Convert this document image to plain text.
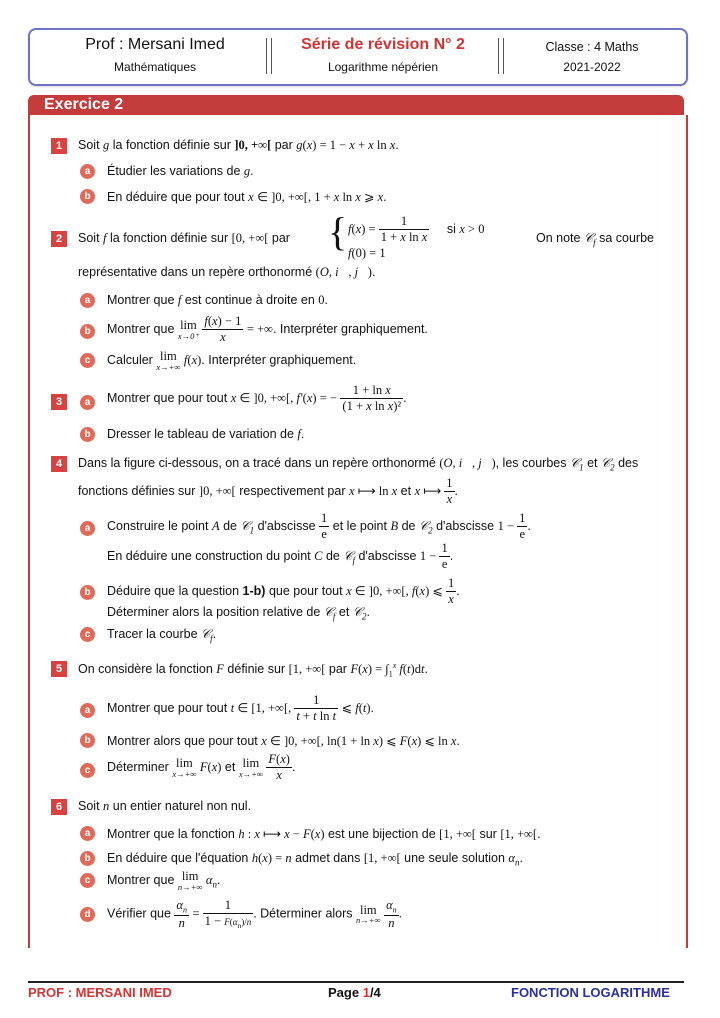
Prof : Mersani Imed
Mathématiques
Série de révision N° 2
Logarithme népérien
Classe : 4 Maths
2021-2022
Exercice 2
1	Soit g la fonction définie sur ]0, +∞[ par g(x) = 1 − x + x ln x.
a	Étudier les variations de g.
b	En déduire que pour tout x ∈ ]0, +∞[, 1 + x ln x ⩾ x.
2	Soit f la fonction définie sur [0, +∞[ par { $f(x) = \frac{1}{\text{1 + x ln x}}$ si x > 0
f(0) = 1
On note 𝒞$_f$ sa courbe
représentative dans un repère orthonormé (O, i⃗, j⃗).
a	Montrer que f est continue à droite en 0.
b	Montrer que lim
x→0⁺
$\frac{f(x) - 1}{x}$ = +∞. Interpréter graphiquement.
c	Calculer lim
x→+∞ f(x). Interpréter graphiquement.
3	a	Montrer que pour tout x ∈ ]0, +∞[, f′(x) = − $\frac{\text{1 + ln x}}{\text{(1 + x ln x)²}}$ .
b	Dresser le tableau de variation de f.
4	Dans la figure ci-dessous, on a tracé dans un repère orthonormé (O, i⃗, j⃗), les courbes 𝒞$_1$ et 𝒞$_2$ des
fonctions définies sur ]0, +∞[ respectivement par x ⟼ ln x et x ⟼ $\frac{1}{x}$ .
a	Construire le point A de 𝒞$_1$ d'abscisse $\frac{1}{e}$ et le point B de 𝒞$_2$ d'abscisse $1 - \frac{1}{e}$ .
En déduire une construction du point C de 𝒞$_f$ d'abscisse $1 - \frac{1}{e}$ .
b	Déduire que la question 1-b) que pour tout x ∈ ]0, +∞[, f(x) ⩽ $\frac{1}{x}$ .
Déterminer alors la position relative de 𝒞$_f$ et 𝒞$_2$.
c	Tracer la courbe 𝒞$_f$.
5	On considère la fonction F définie sur [1, +∞[ par $F(x) = \int_1^x$ f(t)dt.
a	Montrer que pour tout t ∈ [1, +∞[, $\frac{1}{\text{t + t ln t}}$ ⩽ f(t).
b	Montrer alors que pour tout x ∈ ]0, +∞[, ln(1 + ln x) ⩽ F(x) ⩽ ln x.
c	Déterminer lim
x→+∞ F(x) et lim
x→+∞
$\frac{F(x)}{x}$ .
6	Soit n un entier naturel non nul.
a	Montrer que la fonction h : x ⟼ x − F(x) est une bijection de [1, +∞[ sur [1, +∞[.
b	En déduire que l'équation h(x) = n admet dans [1, +∞[ une seule solution $\alpha_n$.
c	Montrer que lim
n→+∞ $\alpha_n$.
d	Vérifier que $\frac{\alpha_n}{n} = \frac{1}{1 - F(\alpha_n)/n}$ . Déterminer alors lim
n→+∞
$\frac{\alpha_n}{n}$ .
PROF : MERSANI IMED	Page 1/4	FONCTION LOGARITHME
